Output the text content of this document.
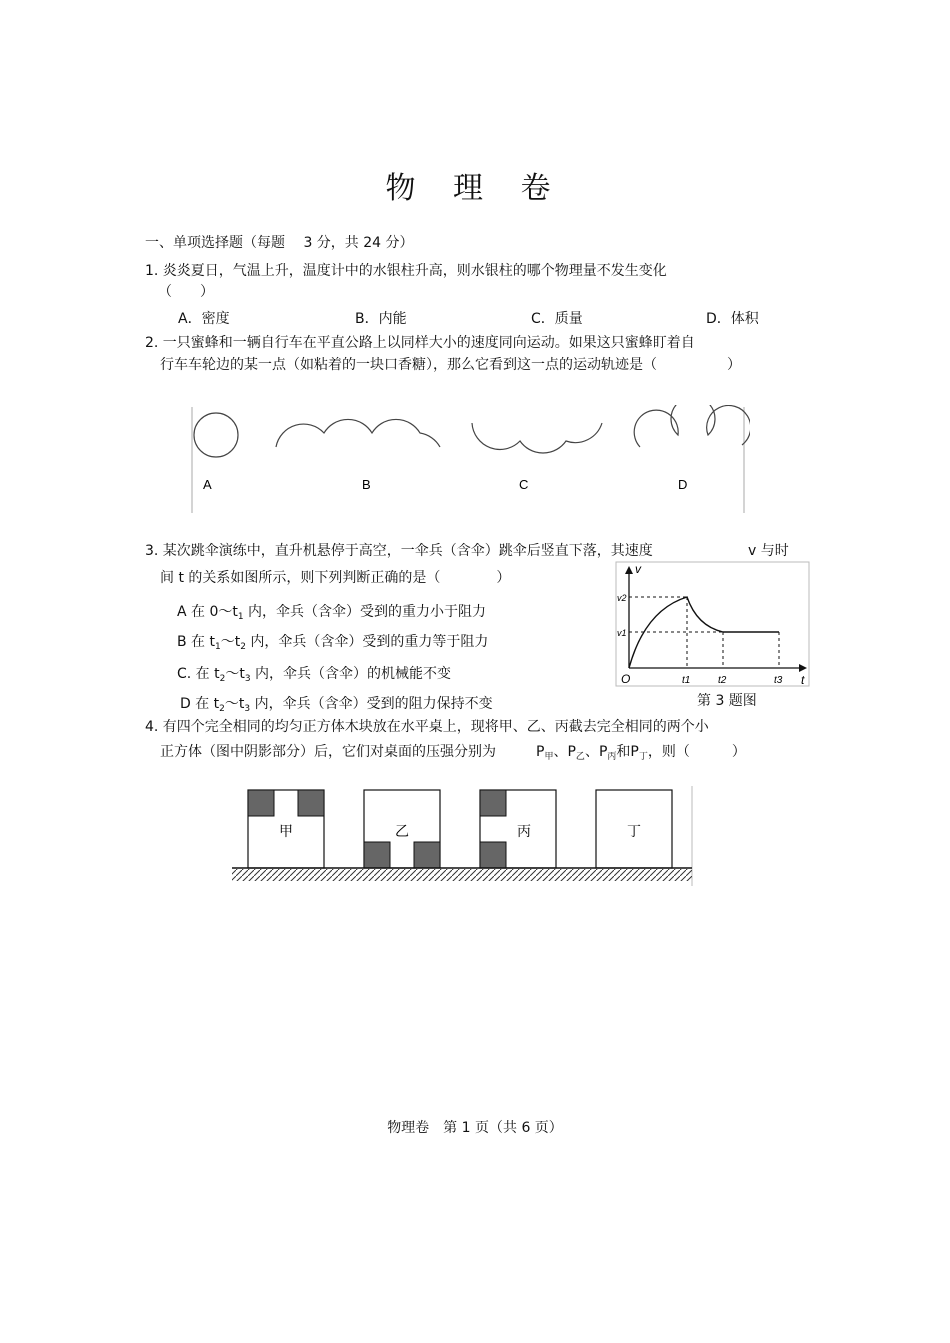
物 理 卷
一、单项选择题（每题　 3 分，共 24 分）
1. 炎炎夏日，气温上升，温度计中的水银柱升高，则水银柱的哪个物理量不发生变化
（　　）
A．密度	B．内能	C．质量	D．体积
2. 一只蜜蜂和一辆自行车在平直公路上以同样大小的速度同向运动。如果这只蜜蜂盯着自
行车车轮边的某一点（如粘着的一块口香糖），那么它看到这一点的运动轨迹是（　　　　　）
A	B	C	D
3. 某次跳伞演练中，直升机悬停于高空，一伞兵（含伞）跳伞后竖直下落，其速度	v 与时
间 t 的关系如图所示，则下列判断正确的是（　　　　）
A 在 $0\sim t_1$ 内，伞兵（含伞）受到的重力小于阻力
B 在 $t_1\sim t_2$ 内，伞兵（含伞）受到的重力等于阻力
C. 在 $t_2\sim t_3$ 内，伞兵（含伞）的机械能不变
D 在 $t_2\sim t_3$ 内，伞兵（含伞）受到的阻力保持不变
v
t
O
v2
v1
t1	t2	t3
第 3 题图
4. 有四个完全相同的均匀正方体木块放在水平桌上，现将甲、乙、丙截去完全相同的两个小
正方体（图中阴影部分）后，它们对桌面的压强分别为	$P_甲$、$P_乙$、$P_丙$和$P_丁$，则（　　　）
甲	乙	丙	丁
物理卷　第 1 页（共 6 页）
